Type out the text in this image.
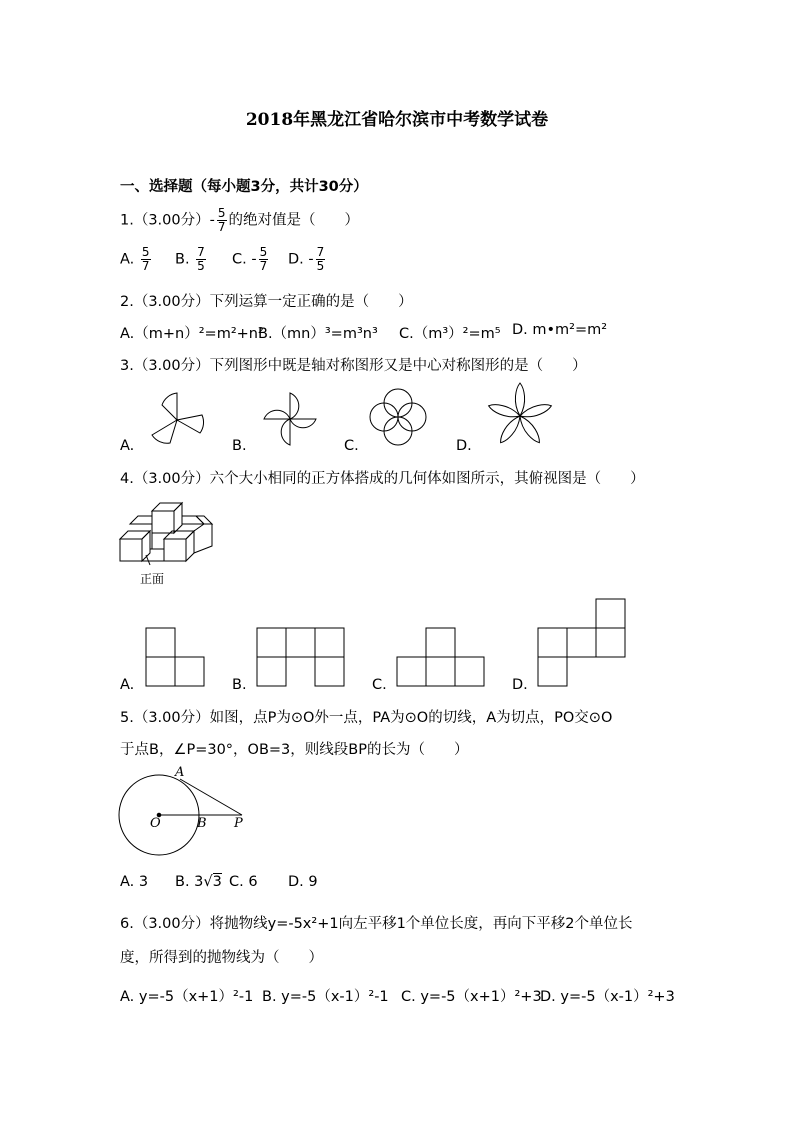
2018年黑龙江省哈尔滨市中考数学试卷
一、选择题（每小题3分，共计30分）
1.（3.00分）- $\frac{5}{7}$ 的绝对值是（　　）
A. $\frac{5}{7} B$. $\frac{7}{5} C$. - $\frac{5}{7} D$. - $\frac{7}{5}$
2.（3.00分）下列运算一定正确的是（　　）
A.（m+n）²=m²+n²
B.（mn）³=m³n³ C.（m³）²=m⁵ D. m•m²=m²
3.（3.00分）下列图形中既是轴对称图形又是中心对称图形的是（　　）
A.	B.	C.	D.
4.（3.00分）六个大小相同的正方体搭成的几何体如图所示，其俯视图是（　　）
正面
A.	B.	C.	D.
5.（3.00分）如图，点P为⊙O外一点，PA为⊙O的切线，A为切点，PO交⊙O
于点B，∠P=30°，OB=3，则线段BP的长为（　　）
A
O	B P
A. 3 B. 3√3 C. 6 D. 9
6.（3.00分）将抛物线y=-5x²+1向左平移1个单位长度，再向下平移2个单位长
度，所得到的抛物线为（　　）
A. y=-5（x+1）²-1 B. y=-5（x-1）²-1 C. y=-5（x+1）²+3
D. y=-5（x-1）²+3
